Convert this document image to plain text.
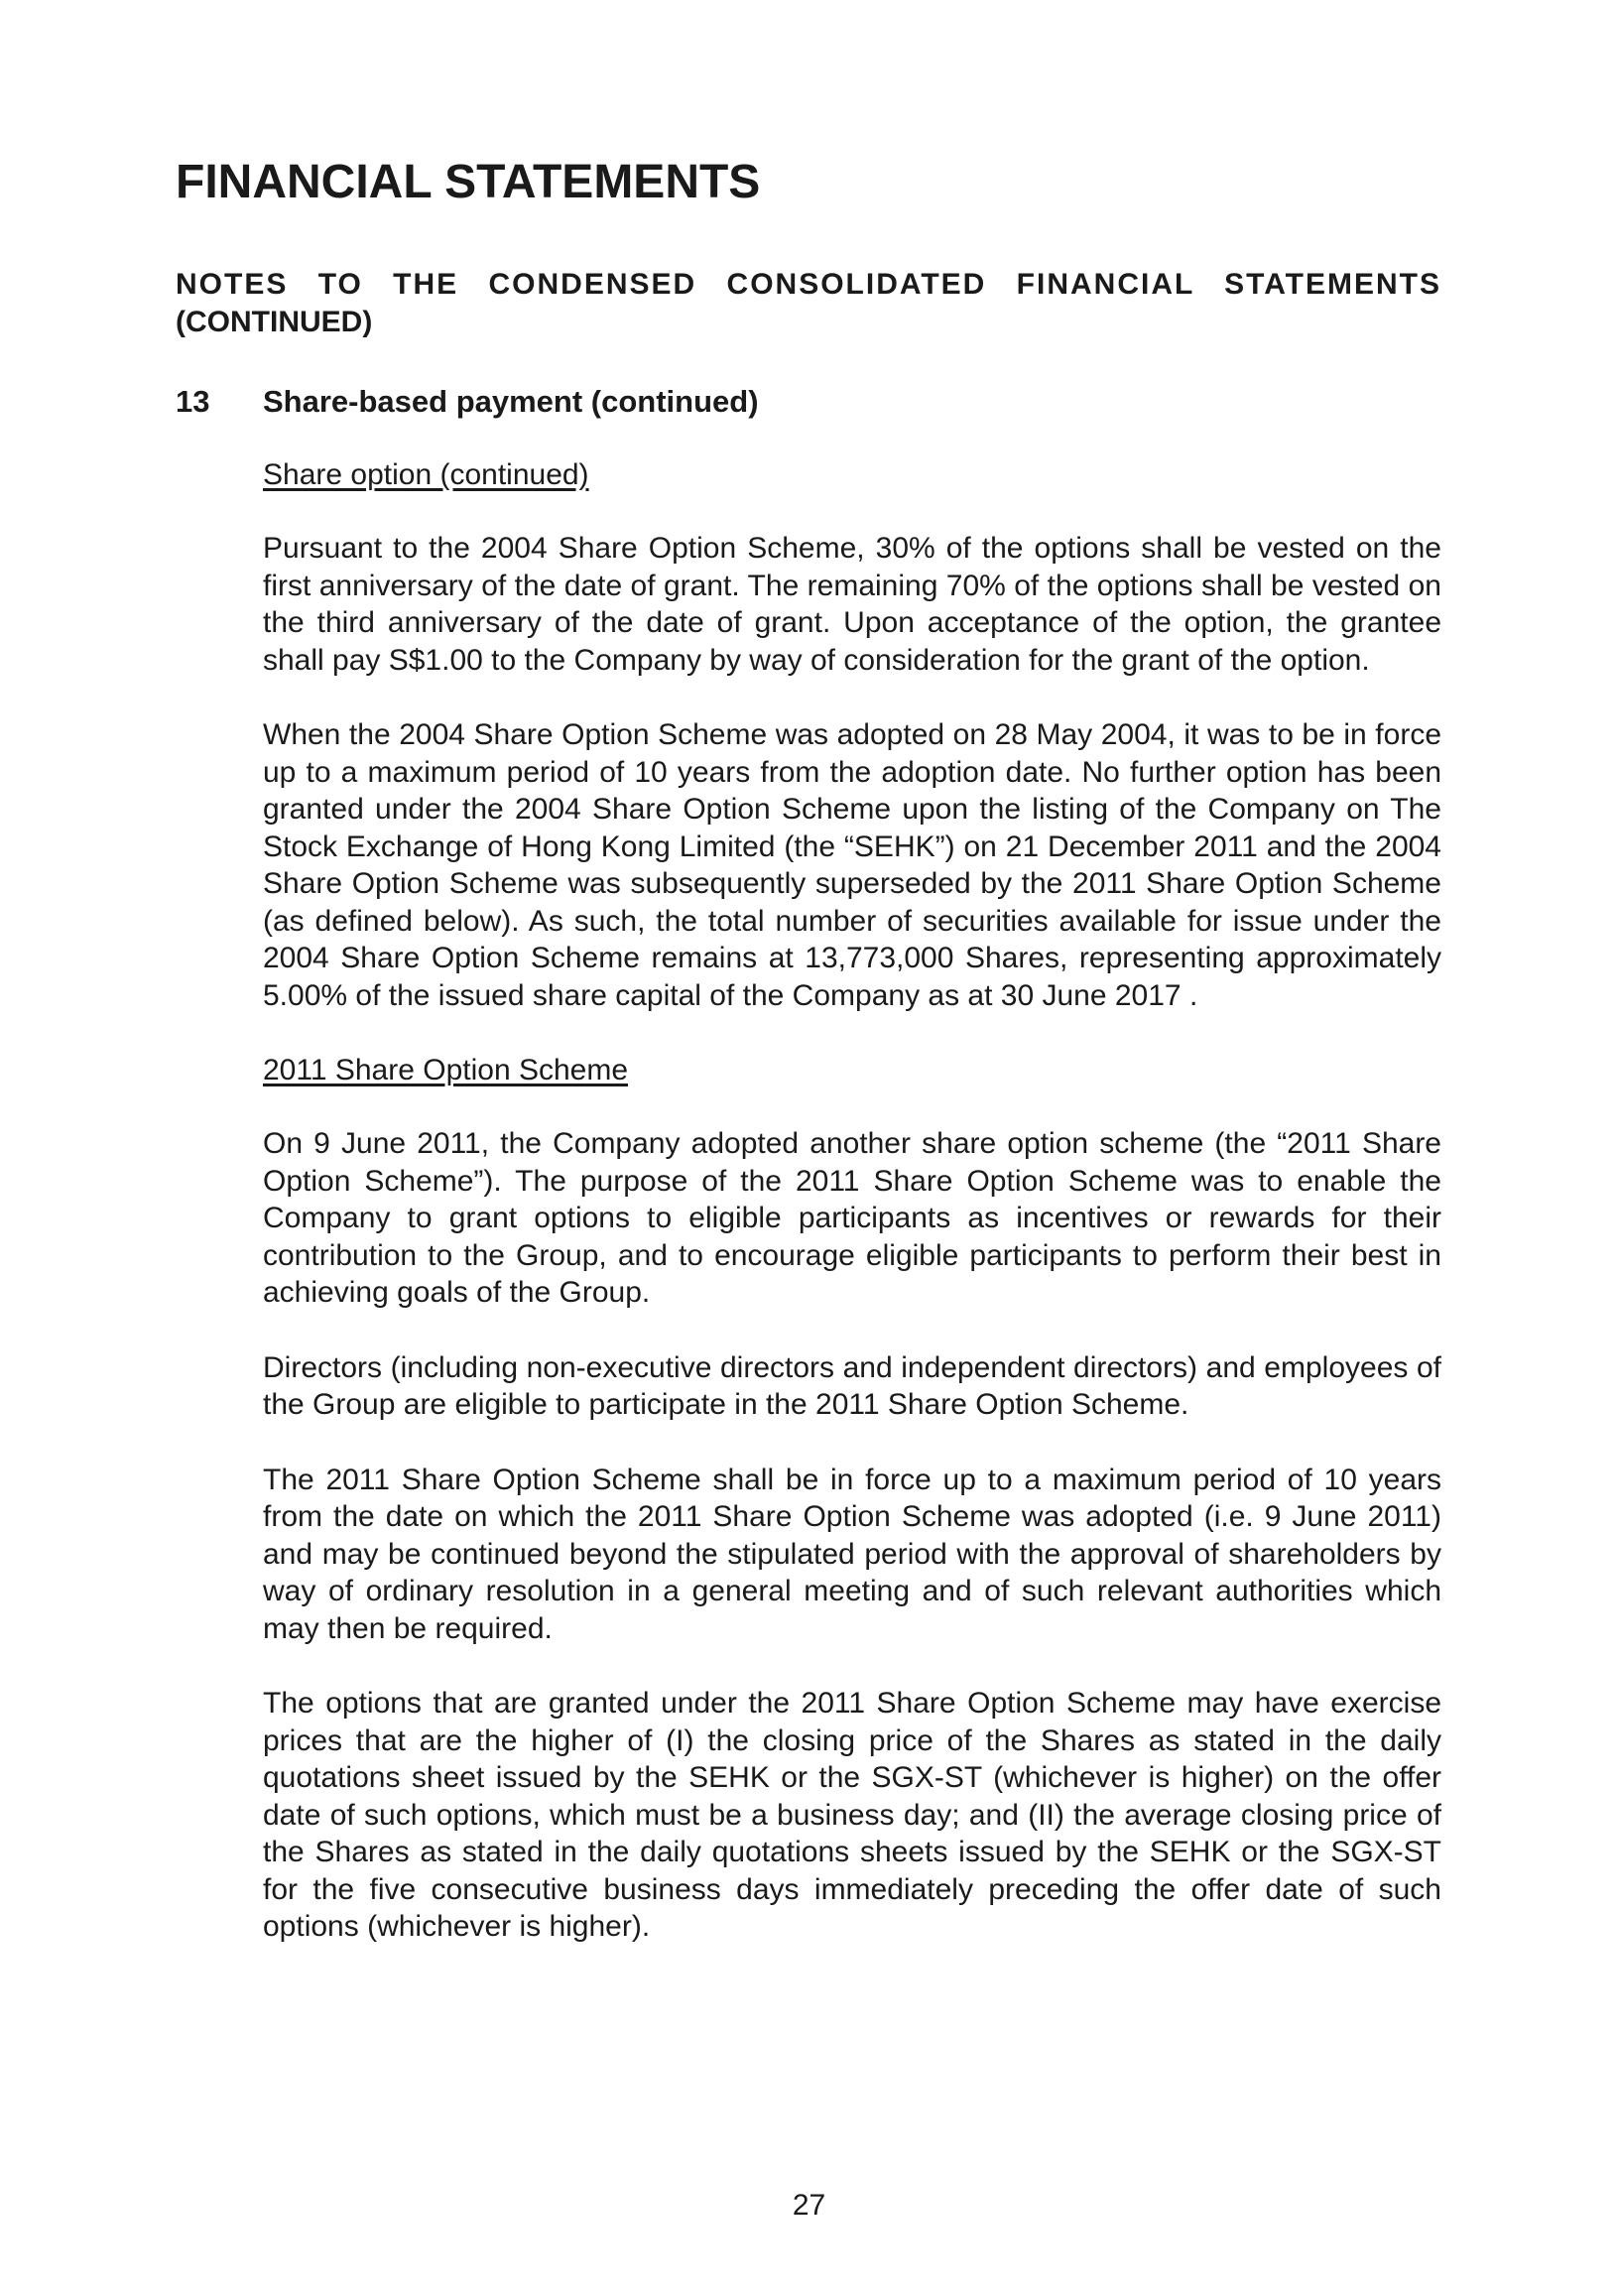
FINANCIAL STATEMENTS
NOTES TO THE CONDENSED CONSOLIDATED FINANCIAL STATEMENTS
(CONTINUED)
13 Share-based payment (continued)

Share option (continued)

Pursuant to the 2004 Share Option Scheme, 30% of the options shall be vested on the first anniversary of the date of grant. The remaining 70% of the options shall be vested on the third anniversary of the date of grant. Upon acceptance of the option, the grantee shall pay S$1.00 to the Company by way of consideration for the grant of the option.

When the 2004 Share Option Scheme was adopted on 28 May 2004, it was to be in force up to a maximum period of 10 years from the adoption date. No further option has been granted under the 2004 Share Option Scheme upon the listing of the Company on The Stock Exchange of Hong Kong Limited (the “SEHK”) on 21 December 2011 and the 2004 Share Option Scheme was subsequently superseded by the 2011 Share Option Scheme (as defined below). As such, the total number of securities available for issue under the 2004 Share Option Scheme remains at 13,773,000 Shares, representing approximately 5.00% of the issued share capital of the Company as at 30 June 2017 .

2011 Share Option Scheme

On 9 June 2011, the Company adopted another share option scheme (the “2011 Share Option Scheme”). The purpose of the 2011 Share Option Scheme was to enable the Company to grant options to eligible participants as incentives or rewards for their contribution to the Group, and to encourage eligible participants to perform their best in achieving goals of the Group.

Directors (including non-executive directors and independent directors) and employees of the Group are eligible to participate in the 2011 Share Option Scheme.

The 2011 Share Option Scheme shall be in force up to a maximum period of 10 years from the date on which the 2011 Share Option Scheme was adopted (i.e. 9 June 2011) and may be continued beyond the stipulated period with the approval of shareholders by way of ordinary resolution in a general meeting and of such relevant authorities which may then be required.

The options that are granted under the 2011 Share Option Scheme may have exercise prices that are the higher of (I) the closing price of the Shares as stated in the daily quotations sheet issued by the SEHK or the SGX-ST (whichever is higher) on the offer date of such options, which must be a business day; and (II) the average closing price of the Shares as stated in the daily quotations sheets issued by the SEHK or the SGX-ST for the five consecutive business days immediately preceding the offer date of such options (whichever is higher).

27
